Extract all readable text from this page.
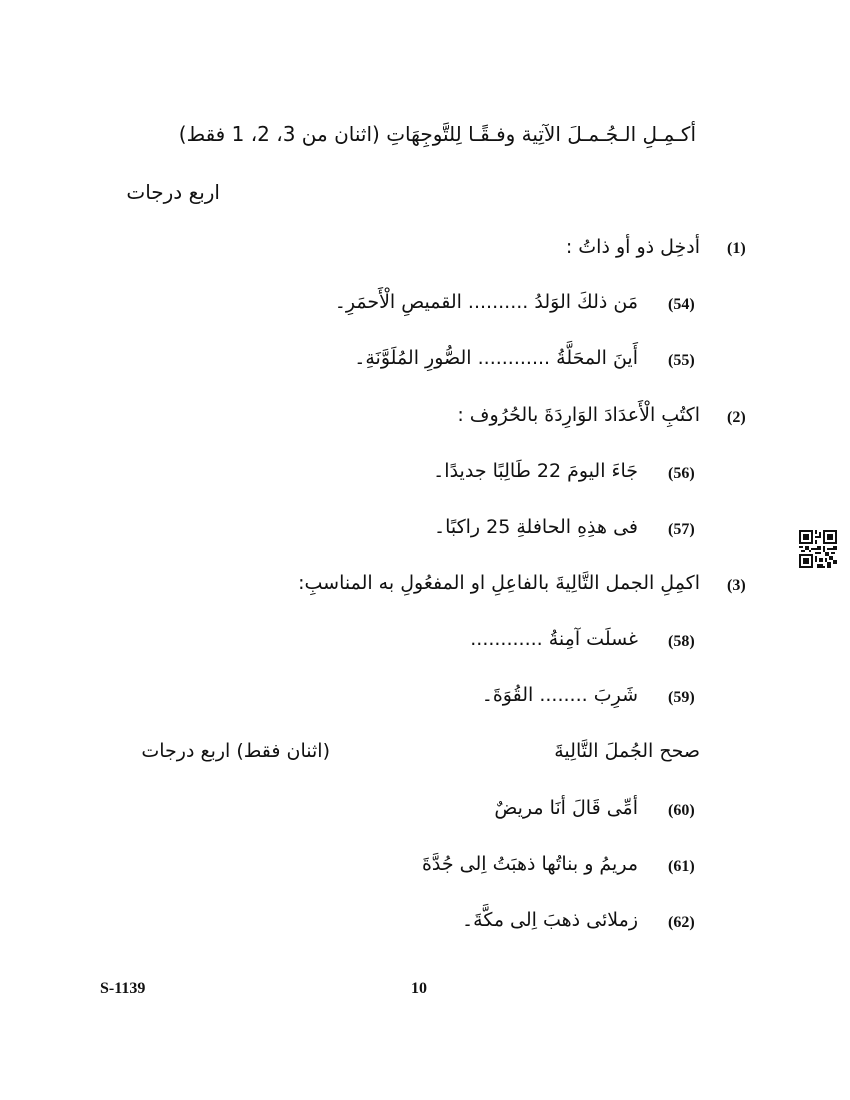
أكـمِـلِ الـجُـمـلَ الآتِية وفـقًـا لِلتَّوجِهَاتِ (اثنان من 3، 2، 1 فقط)
اربع درجات
(1)
أدخِل ذو أو ذاتُ :
(54)
مَن ذلكَ الوَلدُ .......... القميصِ الْأَحمَرِ۔
(55)
أَينَ المحَلَّةُ ............ الصُّورِ المُلَوَّنَةِ۔
(2)
اكتُبِ الْأَعدَادَ الوَارِدَةَ بالحُرُوف :
(56)
جَاءَ اليومَ 22 طَالِبًا جديدًا۔
(57)
فى هذِهِ الحافلةِ 25 راكبًا۔
(3)
اكمِلِ الجمل التَّالِيةَ بالفاعِلِ او المفعُولِ به المناسبِ:
(58)
غسلَت آمِنةُ ............
(59)
شَرِبَ ........ القُوَةَ۔
صحح الجُملَ التَّالِيةَ
(اثنان فقط) اربع درجات
(60)
أمِّى قَالَ أنَا مريضٌ
(61)
مريمُ و بناتُها ذهبَتُ اِلى جُدَّةَ
(62)
زملائى ذهبَ اِلى مكَّةَ۔
S-1139	10
